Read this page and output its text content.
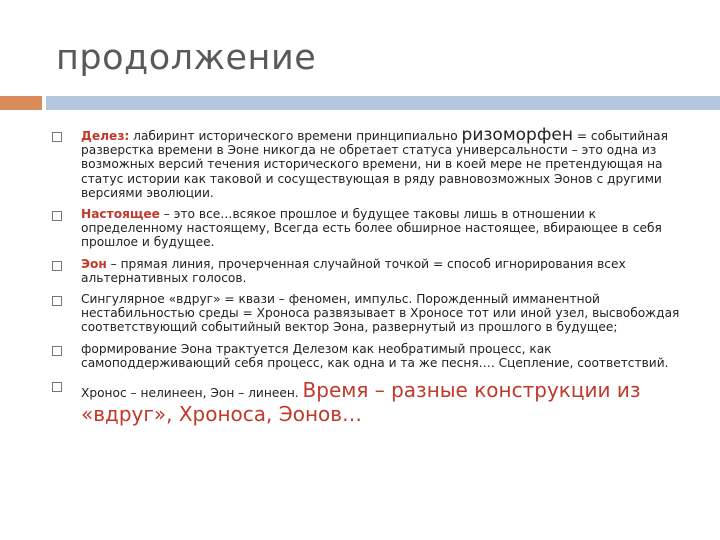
продолжение
Делез: лабиринт исторического времени принципиально ризоморфен = событийная разверстка времени в Эоне никогда не обретает статуса универсальности – это одна из возможных версий течения исторического времени, ни в коей мере не претендующая на статус истории как таковой и сосуществующая в ряду равновозможных Эонов с другими версиями эволюции.
Настоящее – это все…всякое прошлое и будущее таковы лишь в отношении к определенному настоящему, Всегда есть более обширное настоящее, вбирающее в себя прошлое и будущее.
Эон – прямая линия, прочерченная случайной точкой = способ игнорирования всех альтернативных голосов.
Сингулярное «вдруг» = квази – феномен, импульс. Порожденный имманентной нестабильностью среды = Хроноса развязывает в Хроносе тот или иной узел, высвобождая соответствующий событийный вектор Эона, развернутый из прошлого в будущее;
формирование Эона трактуется Делезом как необратимый процесс, как самоподдерживающий себя процесс, как одна и та же песня…. Сцепление, соответствий.
Хронос – нелинеен, Эон – линеен. Время – разные конструкции из «вдруг», Хроноса, Эонов…
